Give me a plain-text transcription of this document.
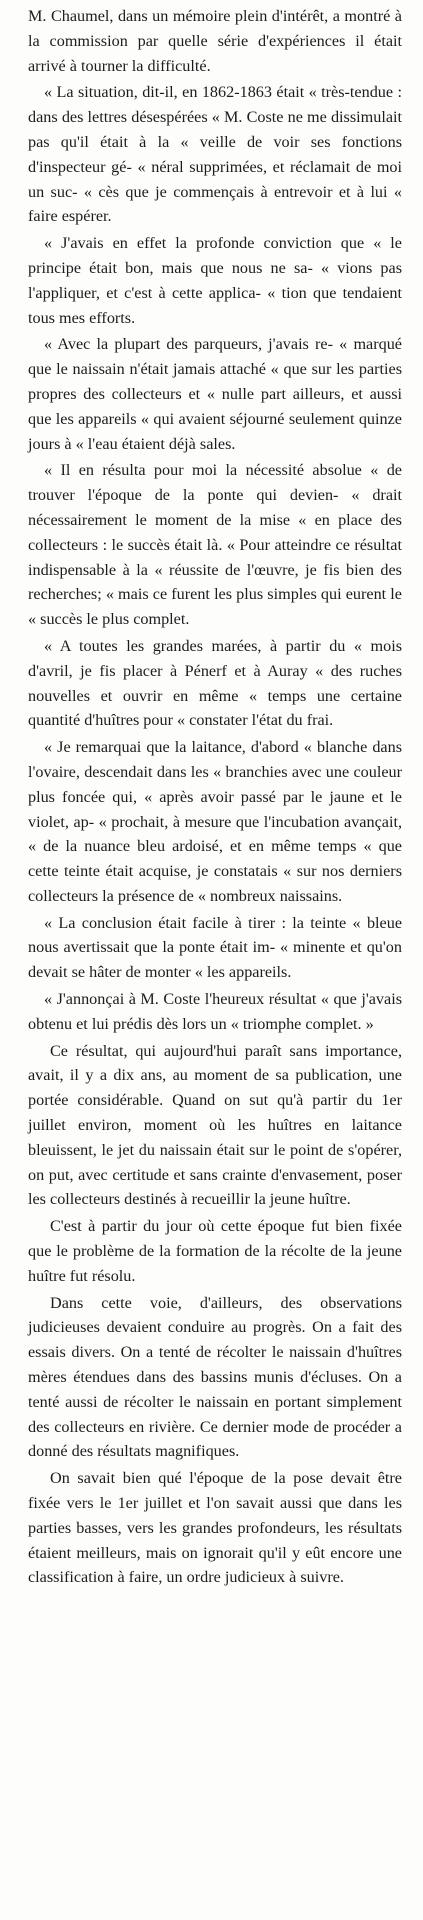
M. Chaumel, dans un mémoire plein d'intérêt, a montré à la commission par quelle série d'expériences il était arrivé à tourner la difficulté.

« La situation, dit-il, en 1862-1863 était « très-tendue : dans des lettres désespérées « M. Coste ne me dissimulait pas qu'il était à la « veille de voir ses fonctions d'inspecteur gé- « néral supprimées, et réclamait de moi un suc- « cès que je commençais à entrevoir et à lui « faire espérer.

« J'avais en effet la profonde conviction que « le principe était bon, mais que nous ne sa- « vions pas l'appliquer, et c'est à cette applica- « tion que tendaient tous mes efforts.

« Avec la plupart des parqueurs, j'avais re- « marqué que le naissain n'était jamais attaché « que sur les parties propres des collecteurs et « nulle part ailleurs, et aussi que les appareils « qui avaient séjourné seulement quinze jours à « l'eau étaient déjà sales.

« Il en résulta pour moi la nécessité absolue « de trouver l'époque de la ponte qui devien- « drait nécessairement le moment de la mise « en place des collecteurs : le succès était là. « Pour atteindre ce résultat indispensable à la « réussite de l'œuvre, je fis bien des recherches; « mais ce furent les plus simples qui eurent le « succès le plus complet.

« A toutes les grandes marées, à partir du « mois d'avril, je fis placer à Pénerf et à Auray « des ruches nouvelles et ouvrir en même « temps une certaine quantité d'huîtres pour « constater l'état du frai.

« Je remarquai que la laitance, d'abord « blanche dans l'ovaire, descendait dans les « branchies avec une couleur plus foncée qui, « après avoir passé par le jaune et le violet, ap- « prochait, à mesure que l'incubation avançait, « de la nuance bleu ardoisé, et en même temps « que cette teinte était acquise, je constatais « sur nos derniers collecteurs la présence de « nombreux naissains.

« La conclusion était facile à tirer : la teinte « bleue nous avertissait que la ponte était im- « minente et qu'on devait se hâter de monter « les appareils.

« J'annonçai à M. Coste l'heureux résultat « que j'avais obtenu et lui prédis dès lors un « triomphe complet. »

Ce résultat, qui aujourd'hui paraît sans importance, avait, il y a dix ans, au moment de sa publication, une portée considérable. Quand on sut qu'à partir du 1er juillet environ, moment où les huîtres en laitance bleuissent, le jet du naissain était sur le point de s'opérer, on put, avec certitude et sans crainte d'envasement, poser les collecteurs destinés à recueillir la jeune huître.

C'est à partir du jour où cette époque fut bien fixée que le problème de la formation de la récolte de la jeune huître fut résolu.

Dans cette voie, d'ailleurs, des observations judicieuses devaient conduire au progrès. On a fait des essais divers. On a tenté de récolter le naissain d'huîtres mères étendues dans des bassins munis d'écluses. On a tenté aussi de récolter le naissain en portant simplement des collecteurs en rivière. Ce dernier mode de procéder a donné des résultats magnifiques.

On savait bien qué l'époque de la pose devait être fixée vers le 1er juillet et l'on savait aussi que dans les parties basses, vers les grandes profondeurs, les résultats étaient meilleurs, mais on ignorait qu'il y eût encore une classification à faire, un ordre judicieux à suivre.
